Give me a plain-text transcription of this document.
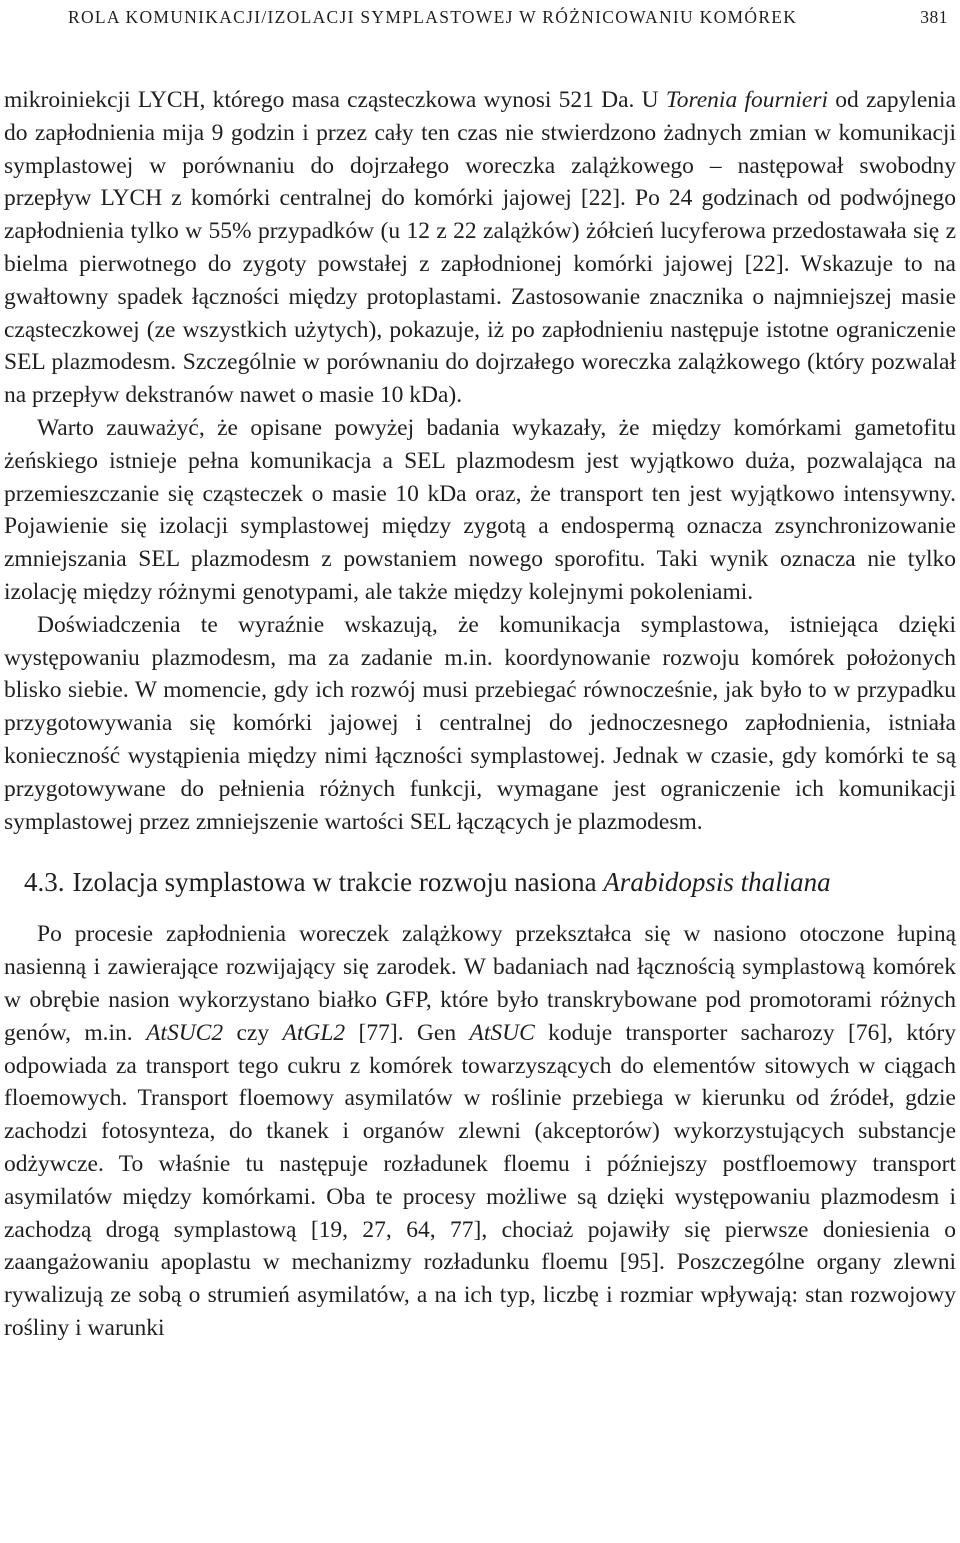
ROLA KOMUNIKACJI/IZOLACJI SYMPLASTOWEJ W RÓŻNICOWANIU KOMÓREK	381

mikroiniekcji LYCH, którego masa cząsteczkowa wynosi 521 Da. U Torenia fournieri od zapylenia do zapłodnienia mija 9 godzin i przez cały ten czas nie stwierdzono żadnych zmian w komunikacji symplastowej w porównaniu do dojrzałego woreczka zalążkowego – następował swobodny przepływ LYCH z komórki centralnej do komórki jajowej [22]. Po 24 godzinach od podwójnego zapłodnienia tylko w 55% przypadków (u 12 z 22 zalążków) żółcień lucyferowa przedostawała się z bielma pierwotnego do zygoty powstałej z zapłodnionej komórki jajowej [22]. Wskazuje to na gwałtowny spadek łączności między protoplastami. Zastosowanie znacznika o najmniejszej masie cząsteczkowej (ze wszystkich użytych), pokazuje, iż po zapłodnieniu następuje istotne ograniczenie SEL plazmodesm. Szczególnie w porównaniu do dojrzałego woreczka zalążkowego (który pozwalał na przepływ dekstranów nawet o masie 10 kDa).

Warto zauważyć, że opisane powyżej badania wykazały, że między komórkami gametofitu żeńskiego istnieje pełna komunikacja a SEL plazmodesm jest wyjątkowo duża, pozwalająca na przemieszczanie się cząsteczek o masie 10 kDa oraz, że transport ten jest wyjątkowo intensywny. Pojawienie się izolacji symplastowej między zygotą a endospermą oznacza zsynchronizowanie zmniejszania SEL plazmodesm z powstaniem nowego sporofitu. Taki wynik oznacza nie tylko izolację między różnymi genotypami, ale także między kolejnymi pokoleniami.

Doświadczenia te wyraźnie wskazują, że komunikacja symplastowa, istniejąca dzięki występowaniu plazmodesm, ma za zadanie m.in. koordynowanie rozwoju komórek położonych blisko siebie. W momencie, gdy ich rozwój musi przebiegać równocześnie, jak było to w przypadku przygotowywania się komórki jajowej i centralnej do jednoczesnego zapłodnienia, istniała konieczność wystąpienia między nimi łączności symplastowej. Jednak w czasie, gdy komórki te są przygotowywane do pełnienia różnych funkcji, wymagane jest ograniczenie ich komunikacji symplastowej przez zmniejszenie wartości SEL łączących je plazmodesm.

4.3. Izolacja symplastowa w trakcie rozwoju nasiona Arabidopsis thaliana

Po procesie zapłodnienia woreczek zalążkowy przekształca się w nasiono otoczone łupiną nasienną i zawierające rozwijający się zarodek. W badaniach nad łącznością symplastową komórek w obrębie nasion wykorzystano białko GFP, które było transkrybowane pod promotorami różnych genów, m.in. AtSUC2 czy AtGL2 [77]. Gen AtSUC koduje transporter sacharozy [76], który odpowiada za transport tego cukru z komórek towarzyszących do elementów sitowych w ciągach floemowych. Transport floemowy asymilatów w roślinie przebiega w kierunku od źródeł, gdzie zachodzi fotosynteza, do tkanek i organów zlewni (akceptorów) wykorzystujących substancje odżywcze. To właśnie tu następuje rozładunek floemu i późniejszy postfloemowy transport asymilatów między komórkami. Oba te procesy możliwe są dzięki występowaniu plazmodesm i zachodzą drogą symplastową [19, 27, 64, 77], chociaż pojawiły się pierwsze doniesienia o zaangażowaniu apoplastu w mechanizmy rozładunku floemu [95]. Poszczególne organy zlewni rywalizują ze sobą o strumień asymilatów, a na ich typ, liczbę i rozmiar wpływają: stan rozwojowy rośliny i warunki
